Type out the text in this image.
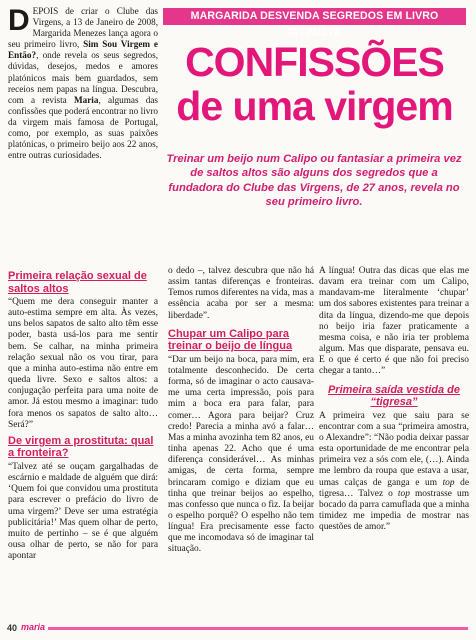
MARGARIDA DESVENDA SEGREDOS EM LIVRO INTIMISTA
CONFISSÕES
de uma virgem
Treinar um beijo num Calipo ou fantasiar a primeira vez de saltos altos são alguns dos segredos que a fundadora do Clube das Virgens, de 27 anos, revela no seu primeiro livro.
DEPOIS de criar o Clube das Virgens, a 13 de Janeiro de 2008, Margarida Menezes lança agora o seu primeiro livro, Sim Sou Virgem e Então?, onde revela os seus segredos, dúvidas, desejos, medos e amores platónicos mais bem guardados, sem receios nem papas na língua. Descubra, com a revista Maria, algumas das confissões que poderá encontrar no livro da virgem mais famosa de Portugal, como, por exemplo, as suas paixões platónicas, o primeiro beijo aos 22 anos, entre outras curiosidades.
Primeira relação sexual de saltos altos

“Quem me dera conseguir manter a auto-estima sempre em alta. Às vezes, uns belos sapatos de salto alto têm esse poder, basta usá-los para me sentir bem. Se calhar, na minha primeira relação sexual não os vou tirar, para que a minha auto-estima não entre em queda livre. Sexo e saltos altos: a conjugação perfeita para uma noite de amor. Já estou mesmo a imaginar: tudo fora menos os sapatos de salto alto… Será?”

De virgem a prostituta: qual a fronteira?

“Talvez até se ouçam gargalhadas de escárnio e maldade de alguém que dirá: ‘Quem foi que convidou uma prostituta para escrever o prefácio do livro de uma virgem?’ Deve ser uma estratégia publicitária!’ Mas quem olhar de perto, muito de pertinho – se é que alguém ousa olhar de perto, se não for para apontar

o dedo –, talvez descubra que não há assim tantas diferenças e fronteiras. Temos rumos diferentes na vida, mas a essência acaba por ser a mesma: liberdade”.

Chupar um Calipo para treinar o beijo de língua

“Dar um beijo na boca, para mim, era totalmente desconhecido. De certa forma, só de imaginar o acto causava-me uma certa impressão, pois para mim a boca era para falar, para comer… Agora para beijar? Cruz credo! Parecia a minha avó a falar… Mas a minha avozinha tem 82 anos, eu tinha apenas 22. Acho que é uma diferença considerável… As minhas amigas, de certa forma, sempre brincaram comigo e diziam que eu tinha que treinar beijos ao espelho, mas confesso que nunca o fiz. Ia beijar o espelho porquê? O espelho não tem língua! Era precisamente esse facto que me incomodava só de imaginar tal situação.

A língua! Outra das dicas que elas me davam era treinar com um Calipo, mandavam-me literalmente ‘chupar’ um dos sabores existentes para treinar a dita da língua, dizendo-me que depois no beijo iria fazer praticamente a mesma coisa, e não iria ter problema algum. Mas que disparate, pensava eu. E o que é certo é que não foi preciso chegar a tanto…”

Primeira saída vestida de “tigresa”

A primeira vez que saiu para se encontrar com a sua “primeira amostra, o Alexandre”: “Não podia deixar passar esta oportunidade de me encontrar pela primeira vez a sós com ele, (…). Ainda me lembro da roupa que estava a usar, umas calças de ganga e um top de tigresa… Talvez o top mostrasse um bocado da parra camuflada que a minha timidez me impedia de mostrar nas questões de amor.”

40 maria
